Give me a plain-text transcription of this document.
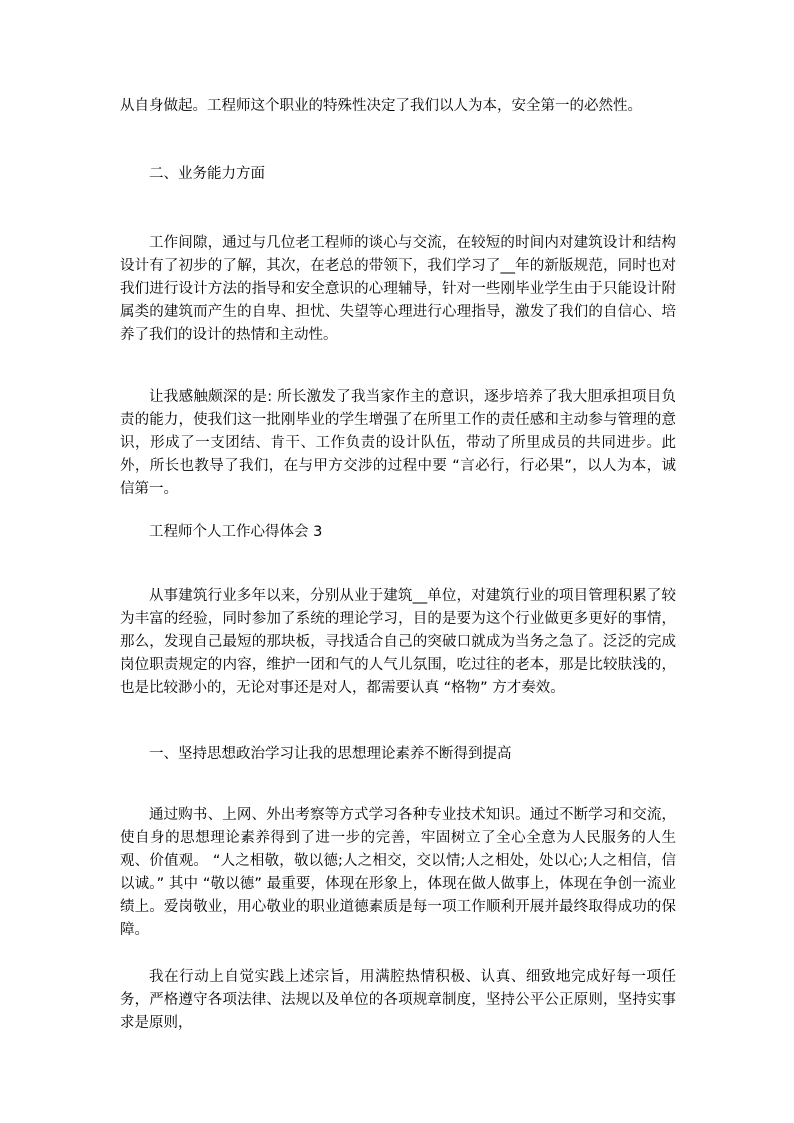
从自身做起。工程师这个职业的特殊性决定了我们以人为本，安全第一的必然性。

二、业务能力方面

工作间隙，通过与几位老工程师的谈心与交流，在较短的时间内对建筑设计和结构设计有了初步的了解，其次，在老总的带领下，我们学习了__年的新版规范，同时也对我们进行设计方法的指导和安全意识的心理辅导，针对一些刚毕业学生由于只能设计附属类的建筑而产生的自卑、担忧、失望等心理进行心理指导，激发了我们的自信心、培养了我们的设计的热情和主动性。

让我感触颇深的是: 所长激发了我当家作主的意识，逐步培养了我大胆承担项目负责的能力，使我们这一批刚毕业的学生增强了在所里工作的责任感和主动参与管理的意识，形成了一支团结、肯干、工作负责的设计队伍，带动了所里成员的共同进步。此外，所长也教导了我们，在与甲方交涉的过程中要 “言必行，行必果”，以人为本，诚信第一。

工程师个人工作心得体会 3

从事建筑行业多年以来，分别从业于建筑__单位，对建筑行业的项目管理积累了较为丰富的经验，同时参加了系统的理论学习，目的是要为这个行业做更多更好的事情，那么，发现自己最短的那块板，寻找适合自己的突破口就成为当务之急了。泛泛的完成岗位职责规定的内容，维护一团和气的人气儿氛围，吃过往的老本，那是比较肤浅的，也是比较渺小的，无论对事还是对人，都需要认真 “格物” 方才奏效。

一、坚持思想政治学习让我的思想理论素养不断得到提高

通过购书、上网、外出考察等方式学习各种专业技术知识。通过不断学习和交流，使自身的思想理论素养得到了进一步的完善，牢固树立了全心全意为人民服务的人生观、价值观。 “人之相敬，敬以德;人之相交，交以情;人之相处，处以心;人之相信，信以诚。” 其中 “敬以德” 最重要，体现在形象上，体现在做人做事上，体现在争创一流业绩上。爱岗敬业，用心敬业的职业道德素质是每一项工作顺利开展并最终取得成功的保障。

我在行动上自觉实践上述宗旨，用满腔热情积极、认真、细致地完成好每一项任务，严格遵守各项法律、法规以及单位的各项规章制度，坚持公平公正原则，坚持实事求是原则，
